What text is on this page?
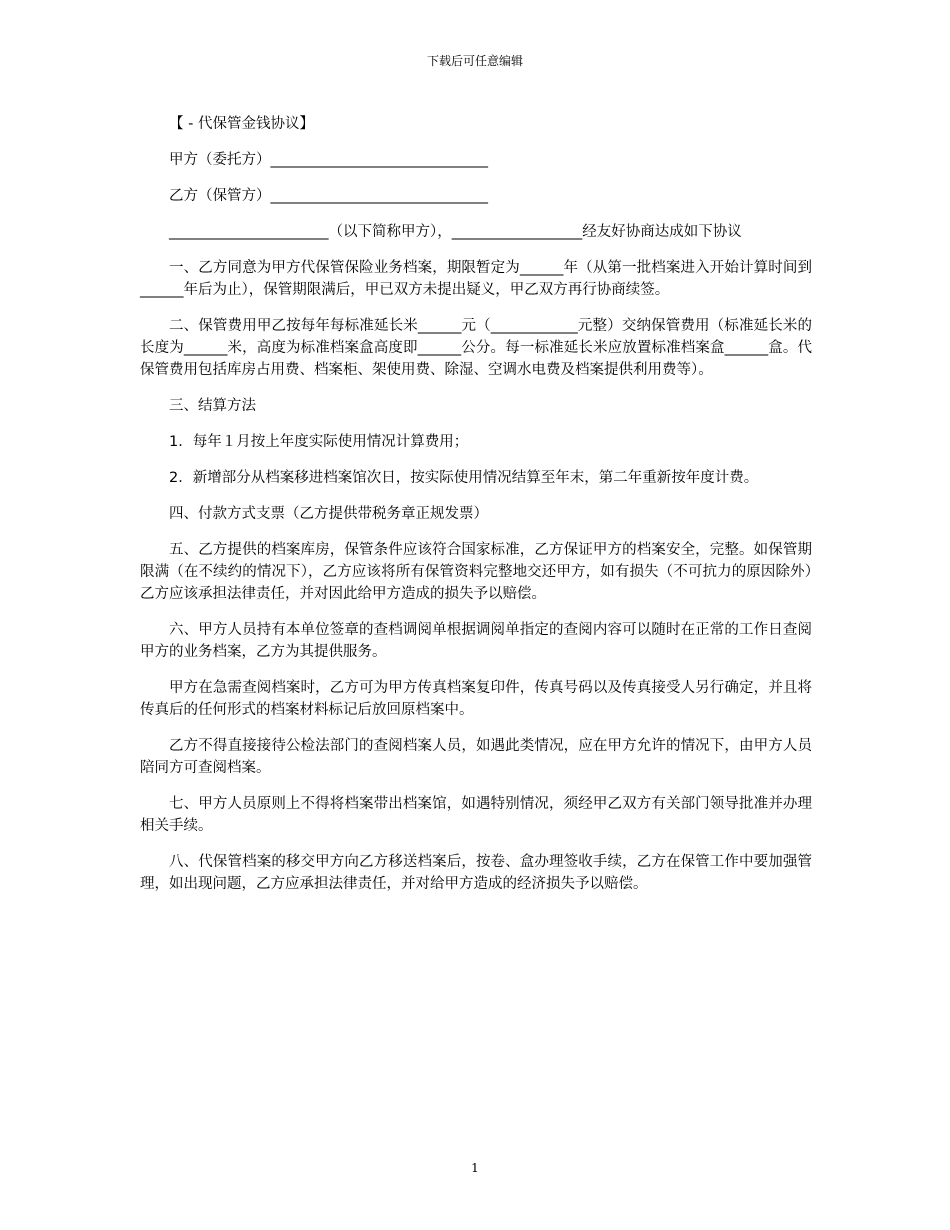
下载后可任意编辑

【 - 代保管金钱协议】

甲方（委托方）______________________________

乙方（保管方）______________________________

______________________（以下简称甲方），__________________经友好协商达成如下协议

一、乙方同意为甲方代保管保险业务档案，期限暂定为______年（从第一批档案进入开始计算时间到______年后为止），保管期限满后，甲已双方未提出疑义，甲乙双方再行协商续签。

二、保管费用甲乙按每年每标准延长米______元（____________元整）交纳保管费用（标准延长米的长度为______米，高度为标准档案盒高度即______公分。每一标准延长米应放置标准档案盒______盒。代保管费用包括库房占用费、档案柜、架使用费、除湿、空调水电费及档案提供利用费等）。

三、结算方法

1．每年１月按上年度实际使用情况计算费用；

2．新增部分从档案移进档案馆次日，按实际使用情况结算至年末，第二年重新按年度计费。

四、付款方式支票（乙方提供带税务章正规发票）

五、乙方提供的档案库房，保管条件应该符合国家标准，乙方保证甲方的档案安全，完整。如保管期限满（在不续约的情况下），乙方应该将所有保管资料完整地交还甲方，如有损失（不可抗力的原因除外）乙方应该承担法律责任，并对因此给甲方造成的损失予以赔偿。

六、甲方人员持有本单位签章的查档调阅单根据调阅单指定的查阅内容可以随时在正常的工作日查阅甲方的业务档案，乙方为其提供服务。

甲方在急需查阅档案时，乙方可为甲方传真档案复印件，传真号码以及传真接受人另行确定，并且将传真后的任何形式的档案材料标记后放回原档案中。

乙方不得直接接待公检法部门的查阅档案人员，如遇此类情况，应在甲方允许的情况下，由甲方人员陪同方可查阅档案。

七、甲方人员原则上不得将档案带出档案馆，如遇特别情况，须经甲乙双方有关部门领导批准并办理相关手续。

八、代保管档案的移交甲方向乙方移送档案后，按卷、盒办理签收手续，乙方在保管工作中要加强管理，如出现问题，乙方应承担法律责任，并对给甲方造成的经济损失予以赔偿。

1
